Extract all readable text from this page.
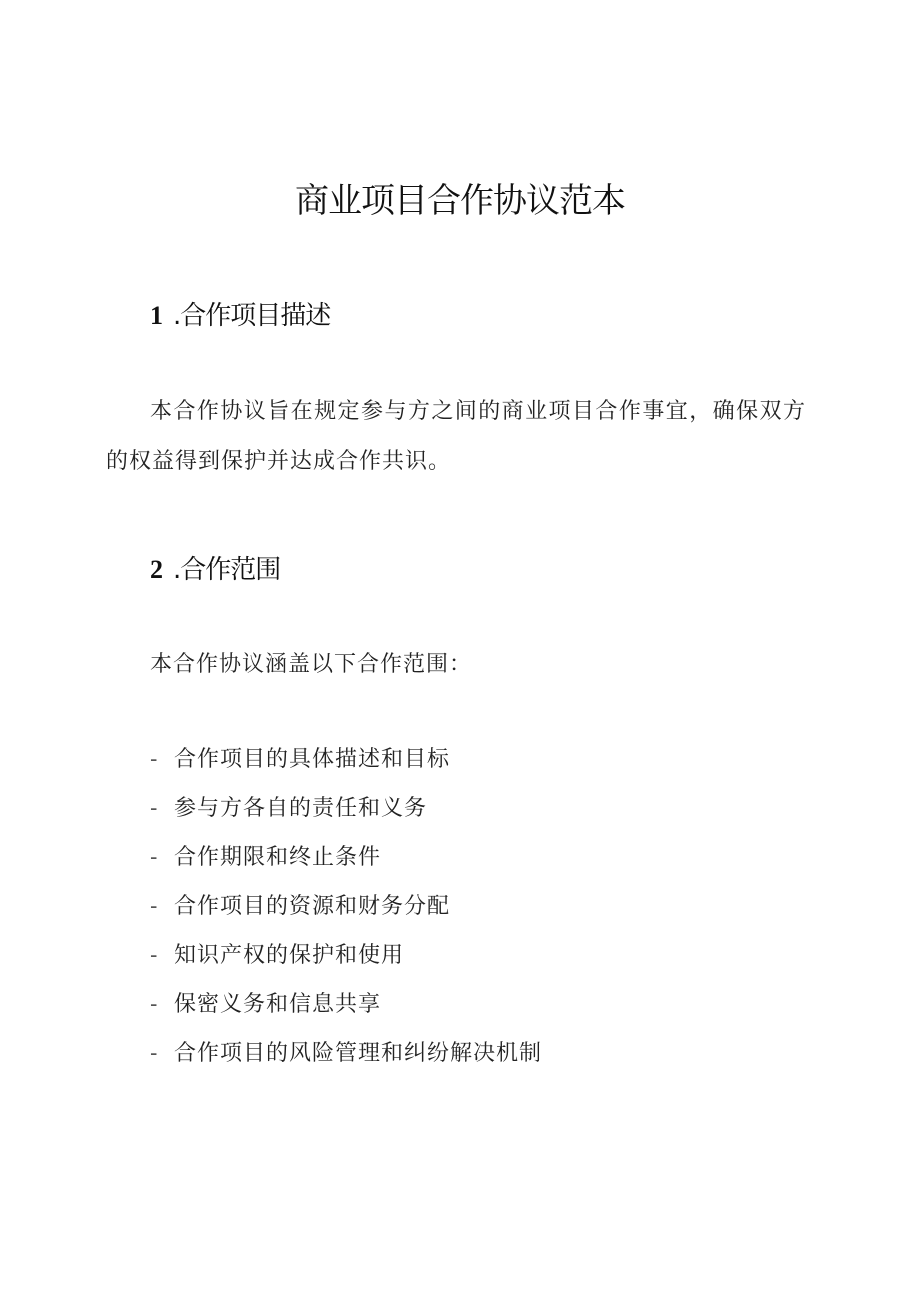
商业项目合作协议范本
1 .合作项目描述

本合作协议旨在规定参与方之间的商业项目合作事宜，确保双方的权益得到保护并达成合作共识。

2 .合作范围

本合作协议涵盖以下合作范围：

- 合作项目的具体描述和目标
- 参与方各自的责任和义务
- 合作期限和终止条件
- 合作项目的资源和财务分配
- 知识产权的保护和使用
- 保密义务和信息共享
- 合作项目的风险管理和纠纷解决机制
